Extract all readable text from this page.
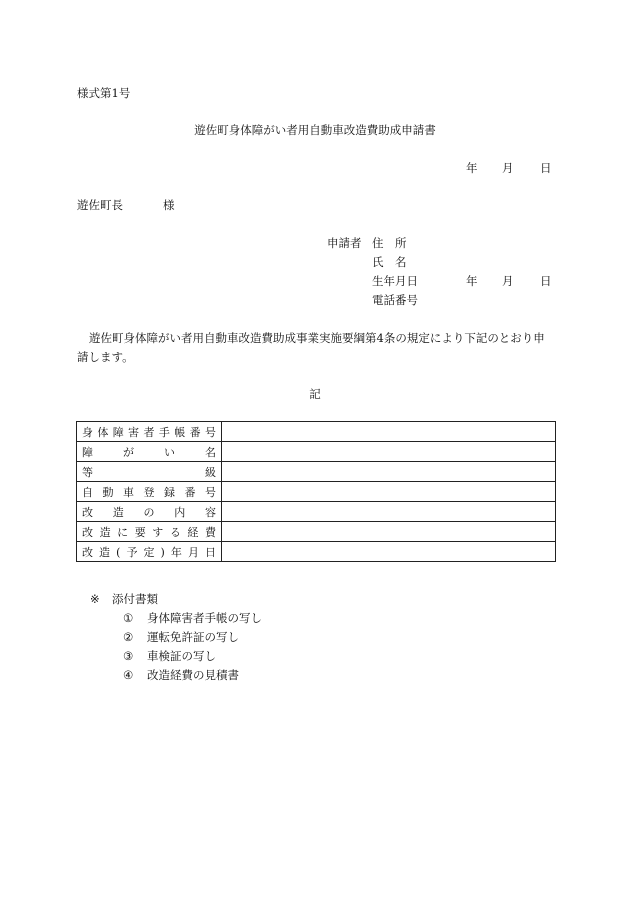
様式第1号
遊佐町身体障がい者用自動車改造費助成申請書
年 月 日
遊佐町長	様
申請者 住　所
氏　名
生年月日	年 月 日
電話番号
遊佐町身体障がい者用自動車改造費助成事業実施要綱第4条の規定により下記のとおり申請します。
記
身体障害者手帳番号	
障がい名	
等級	
自動車登録番号	
改造の内容	
改造に要する経費	
改造(予定)年月日	
※ 添付書類
① 身体障害者手帳の写し
② 運転免許証の写し
③ 車検証の写し
④ 改造経費の見積書
